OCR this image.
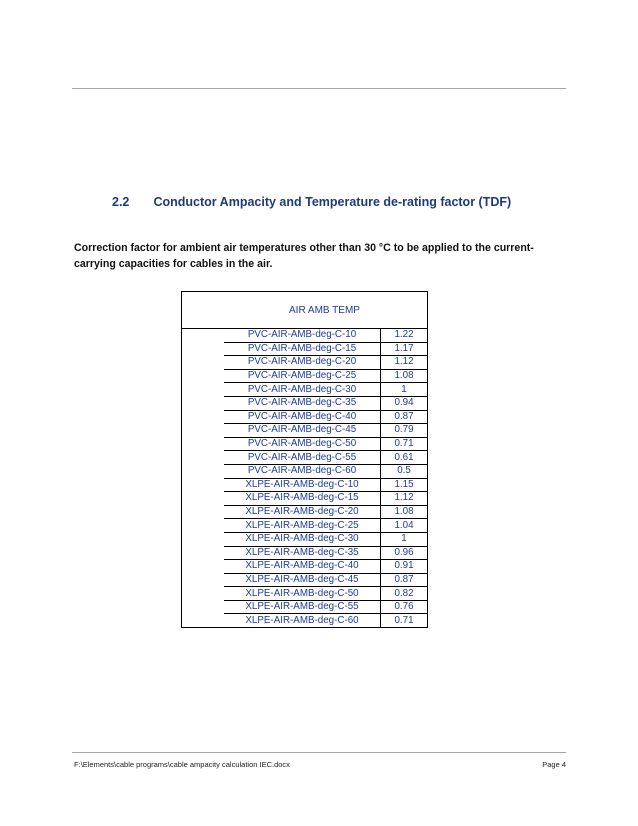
2.2 Conductor Ampacity and Temperature de-rating factor (TDF)
Correction factor for ambient air temperatures other than 30 °C to be applied to the current-carrying capacities for cables in the air.
AIR AMB TEMP
PVC-AIR-AMB-deg-C-10	1.22
PVC-AIR-AMB-deg-C-15	1.17
PVC-AIR-AMB-deg-C-20	1.12
PVC-AIR-AMB-deg-C-25	1.08
PVC-AIR-AMB-deg-C-30	1
PVC-AIR-AMB-deg-C-35	0.94
PVC-AIR-AMB-deg-C-40	0.87
PVC-AIR-AMB-deg-C-45	0.79
PVC-AIR-AMB-deg-C-50	0.71
PVC-AIR-AMB-deg-C-55	0.61
PVC-AIR-AMB-deg-C-60	0.5
XLPE-AIR-AMB-deg-C-10	1.15
XLPE-AIR-AMB-deg-C-15	1.12
XLPE-AIR-AMB-deg-C-20	1.08
XLPE-AIR-AMB-deg-C-25	1.04
XLPE-AIR-AMB-deg-C-30	1
XLPE-AIR-AMB-deg-C-35	0.96
XLPE-AIR-AMB-deg-C-40	0.91
XLPE-AIR-AMB-deg-C-45	0.87
XLPE-AIR-AMB-deg-C-50	0.82
XLPE-AIR-AMB-deg-C-55	0.76
XLPE-AIR-AMB-deg-C-60	0.71
F:\Elements\cable programs\cable ampacity calculation IEC.docx	Page 4
